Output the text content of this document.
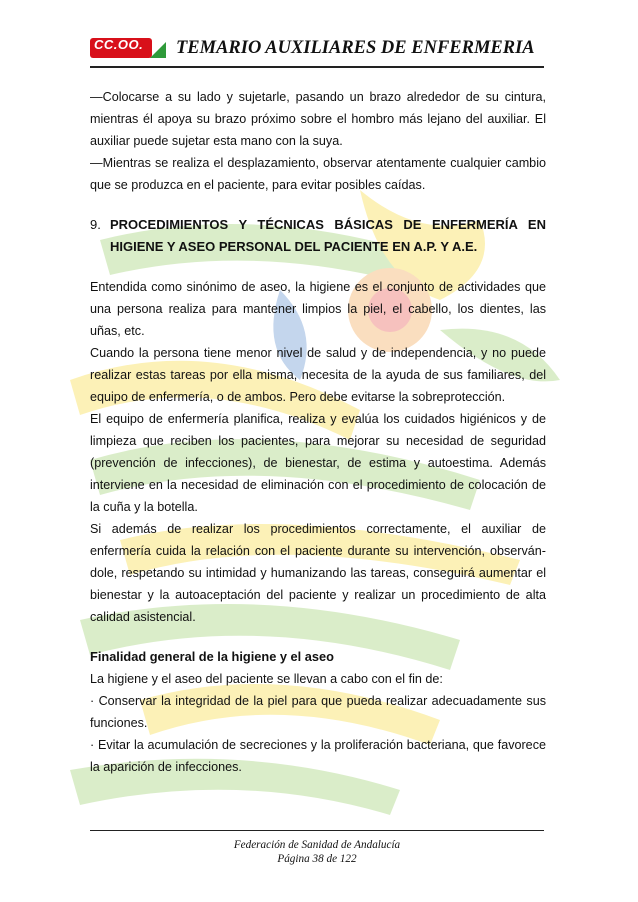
CC.OO. TEMARIO AUXILIARES DE ENFERMERIA

—Colocarse a su lado y sujetarle, pasando un brazo alrededor de su cintura, mientras él apoya su brazo próximo sobre el hombro más lejano del auxiliar. El auxiliar puede sujetar esta mano con la suya.

—Mientras se realiza el desplazamiento, observar atentamente cualquier cambio que se produzca en el paciente, para evitar posibles caídas.

9. PROCEDIMIENTOS Y TÉCNICAS BÁSICAS DE ENFERMERÍA EN HIGIENE Y ASEO PERSONAL DEL PACIENTE EN A.P. Y A.E.

Entendida como sinónimo de aseo, la higiene es el conjunto de actividades que una persona realiza para mantener limpios la piel, el cabello, los dientes, las uñas, etc.

Cuando la persona tiene menor nivel de salud y de independencia, y no puede realizar estas tareas por ella misma, necesita de la ayuda de sus familiares, del equipo de enfermería, o de ambos. Pero debe evitarse la sobreprotección.

El equipo de enfermería planifica, realiza y evalúa los cuidados higiénicos y de limpieza que reciben los pacientes, para mejorar su necesidad de seguridad (prevención de infecciones), de bienestar, de estima y autoestima. Además interviene en la necesidad de eliminación con el procedimiento de colocación de la cuña y la botella.

Si además de realizar los procedimientos correctamente, el auxiliar de enfermería cuida la relación con el paciente durante su intervención, observán-dole, respetando su intimidad y humanizando las tareas, conseguirá aumentar el bienestar y la autoaceptación del paciente y realizar un procedimiento de alta calidad asistencial.

Finalidad general de la higiene y el aseo

La higiene y el aseo del paciente se llevan a cabo con el fin de:

· Conservar la integridad de la piel para que pueda realizar adecuadamente sus funciones.

· Evitar la acumulación de secreciones y la proliferación bacteriana, que favorece la aparición de infecciones.

Federación de Sanidad de Andalucía
Página 38 de 122
